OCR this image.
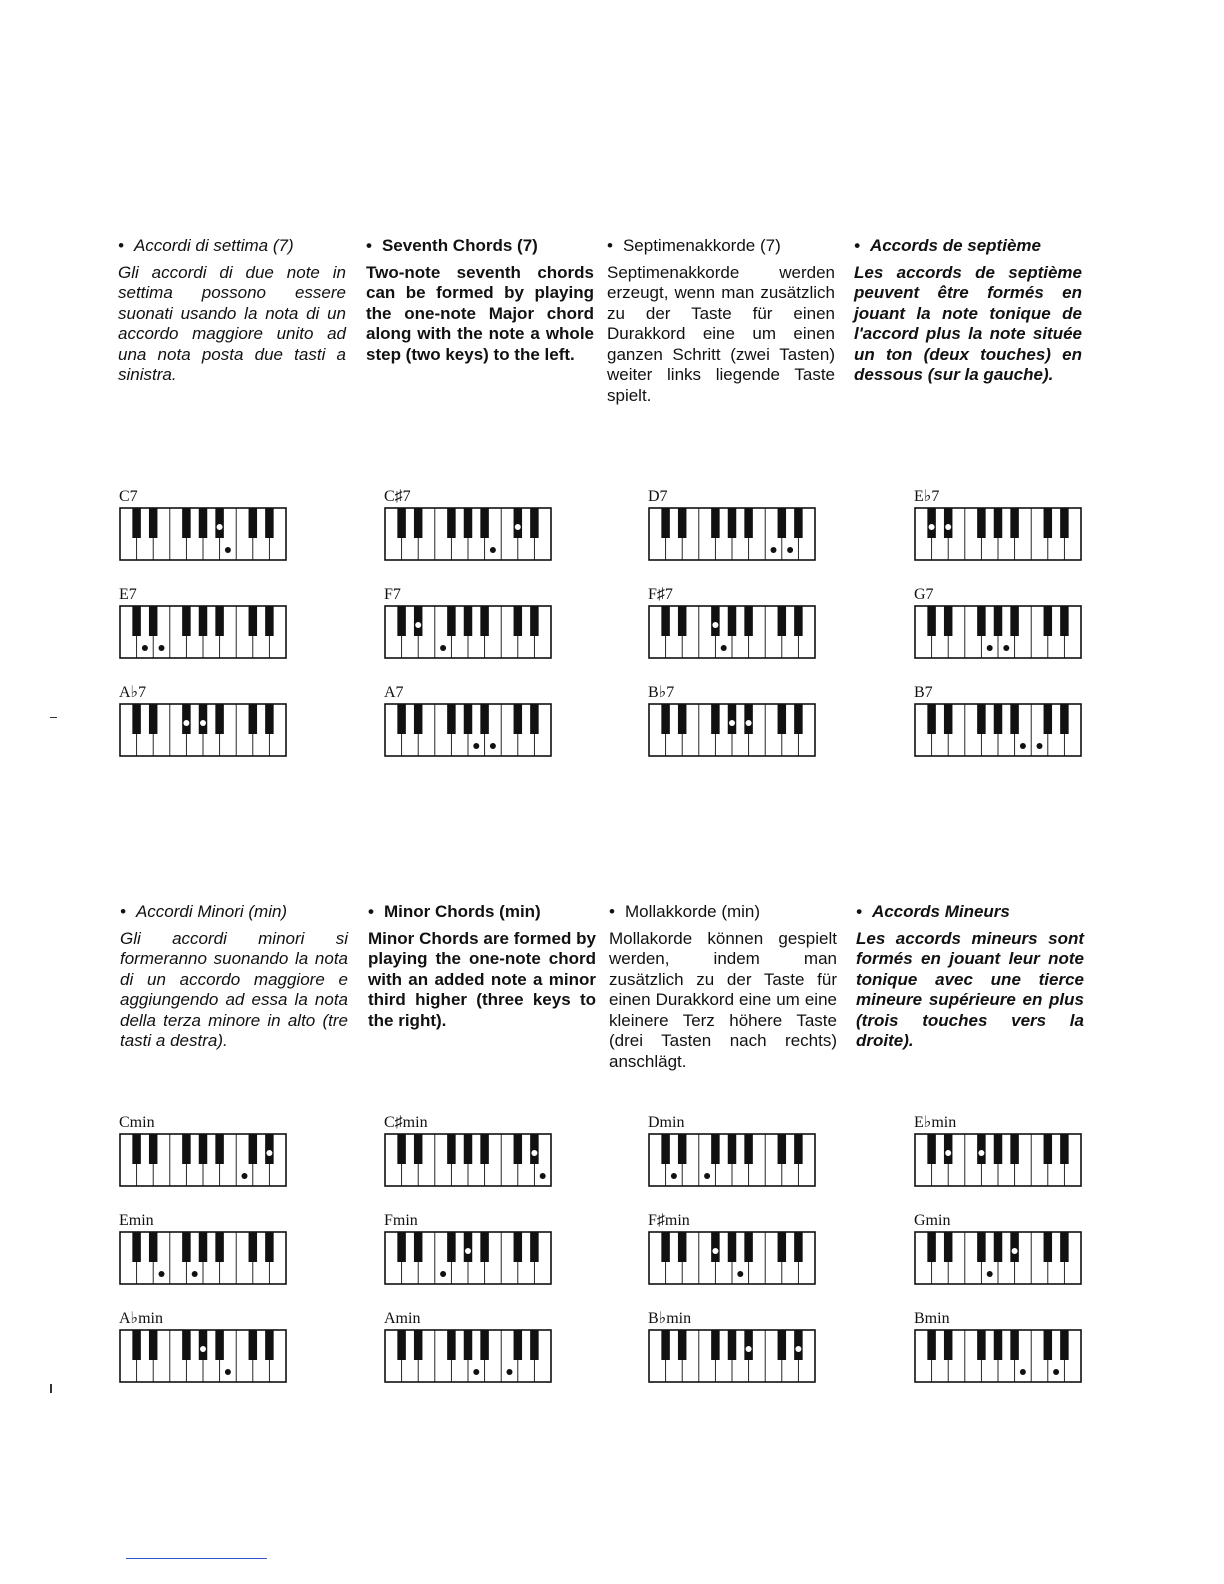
• Accordi di settima (7)

Gli accordi di due note in settima possono essere suonati usando la nota di un accordo maggiore unito ad una nota posta due tasti a sinistra.

• Seventh Chords (7)

Two-note seventh chords can be formed by playing the one-note Major chord along with the note a whole step (two keys) to the left.

• Septimenakkorde (7)

Septimenakkorde werden erzeugt, wenn man zusätzlich zu der Taste für einen Durakkord eine um einen ganzen Schritt (zwei Tasten) weiter links liegende Taste spielt.

• Accords de septième

Les accords de septième peuvent être formés en jouant la note tonique de l'accord plus la note située un ton (deux touches) en dessous (sur la gauche).

• Accordi Minori (min)

Gli accordi minori si formeranno suonando la nota di un accordo maggiore e aggiungendo ad essa la nota della terza minore in alto (tre tasti a destra).

• Minor Chords (min)

Minor Chords are formed by playing the one-note chord with an added note a minor third higher (three keys to the right).

• Mollakkorde (min)

Mollakorde können gespielt werden, indem man zusätzlich zu der Taste für einen Durakkord eine um eine kleinere Terz höhere Taste (drei Tasten nach rechts) anschlägt.

• Accords Mineurs

Les accords mineurs sont formés en jouant leur note tonique avec une tierce mineure supérieure en plus (trois touches vers la droite).

C7	C♯7	D7	E♭7
E7	F7	F♯7	G7
A♭7	A7	B♭7	B7
Cmin	C♯min	Dmin	E♭min
Emin	Fmin	F♯min	Gmin
A♭min	Amin	B♭min	Bmin
